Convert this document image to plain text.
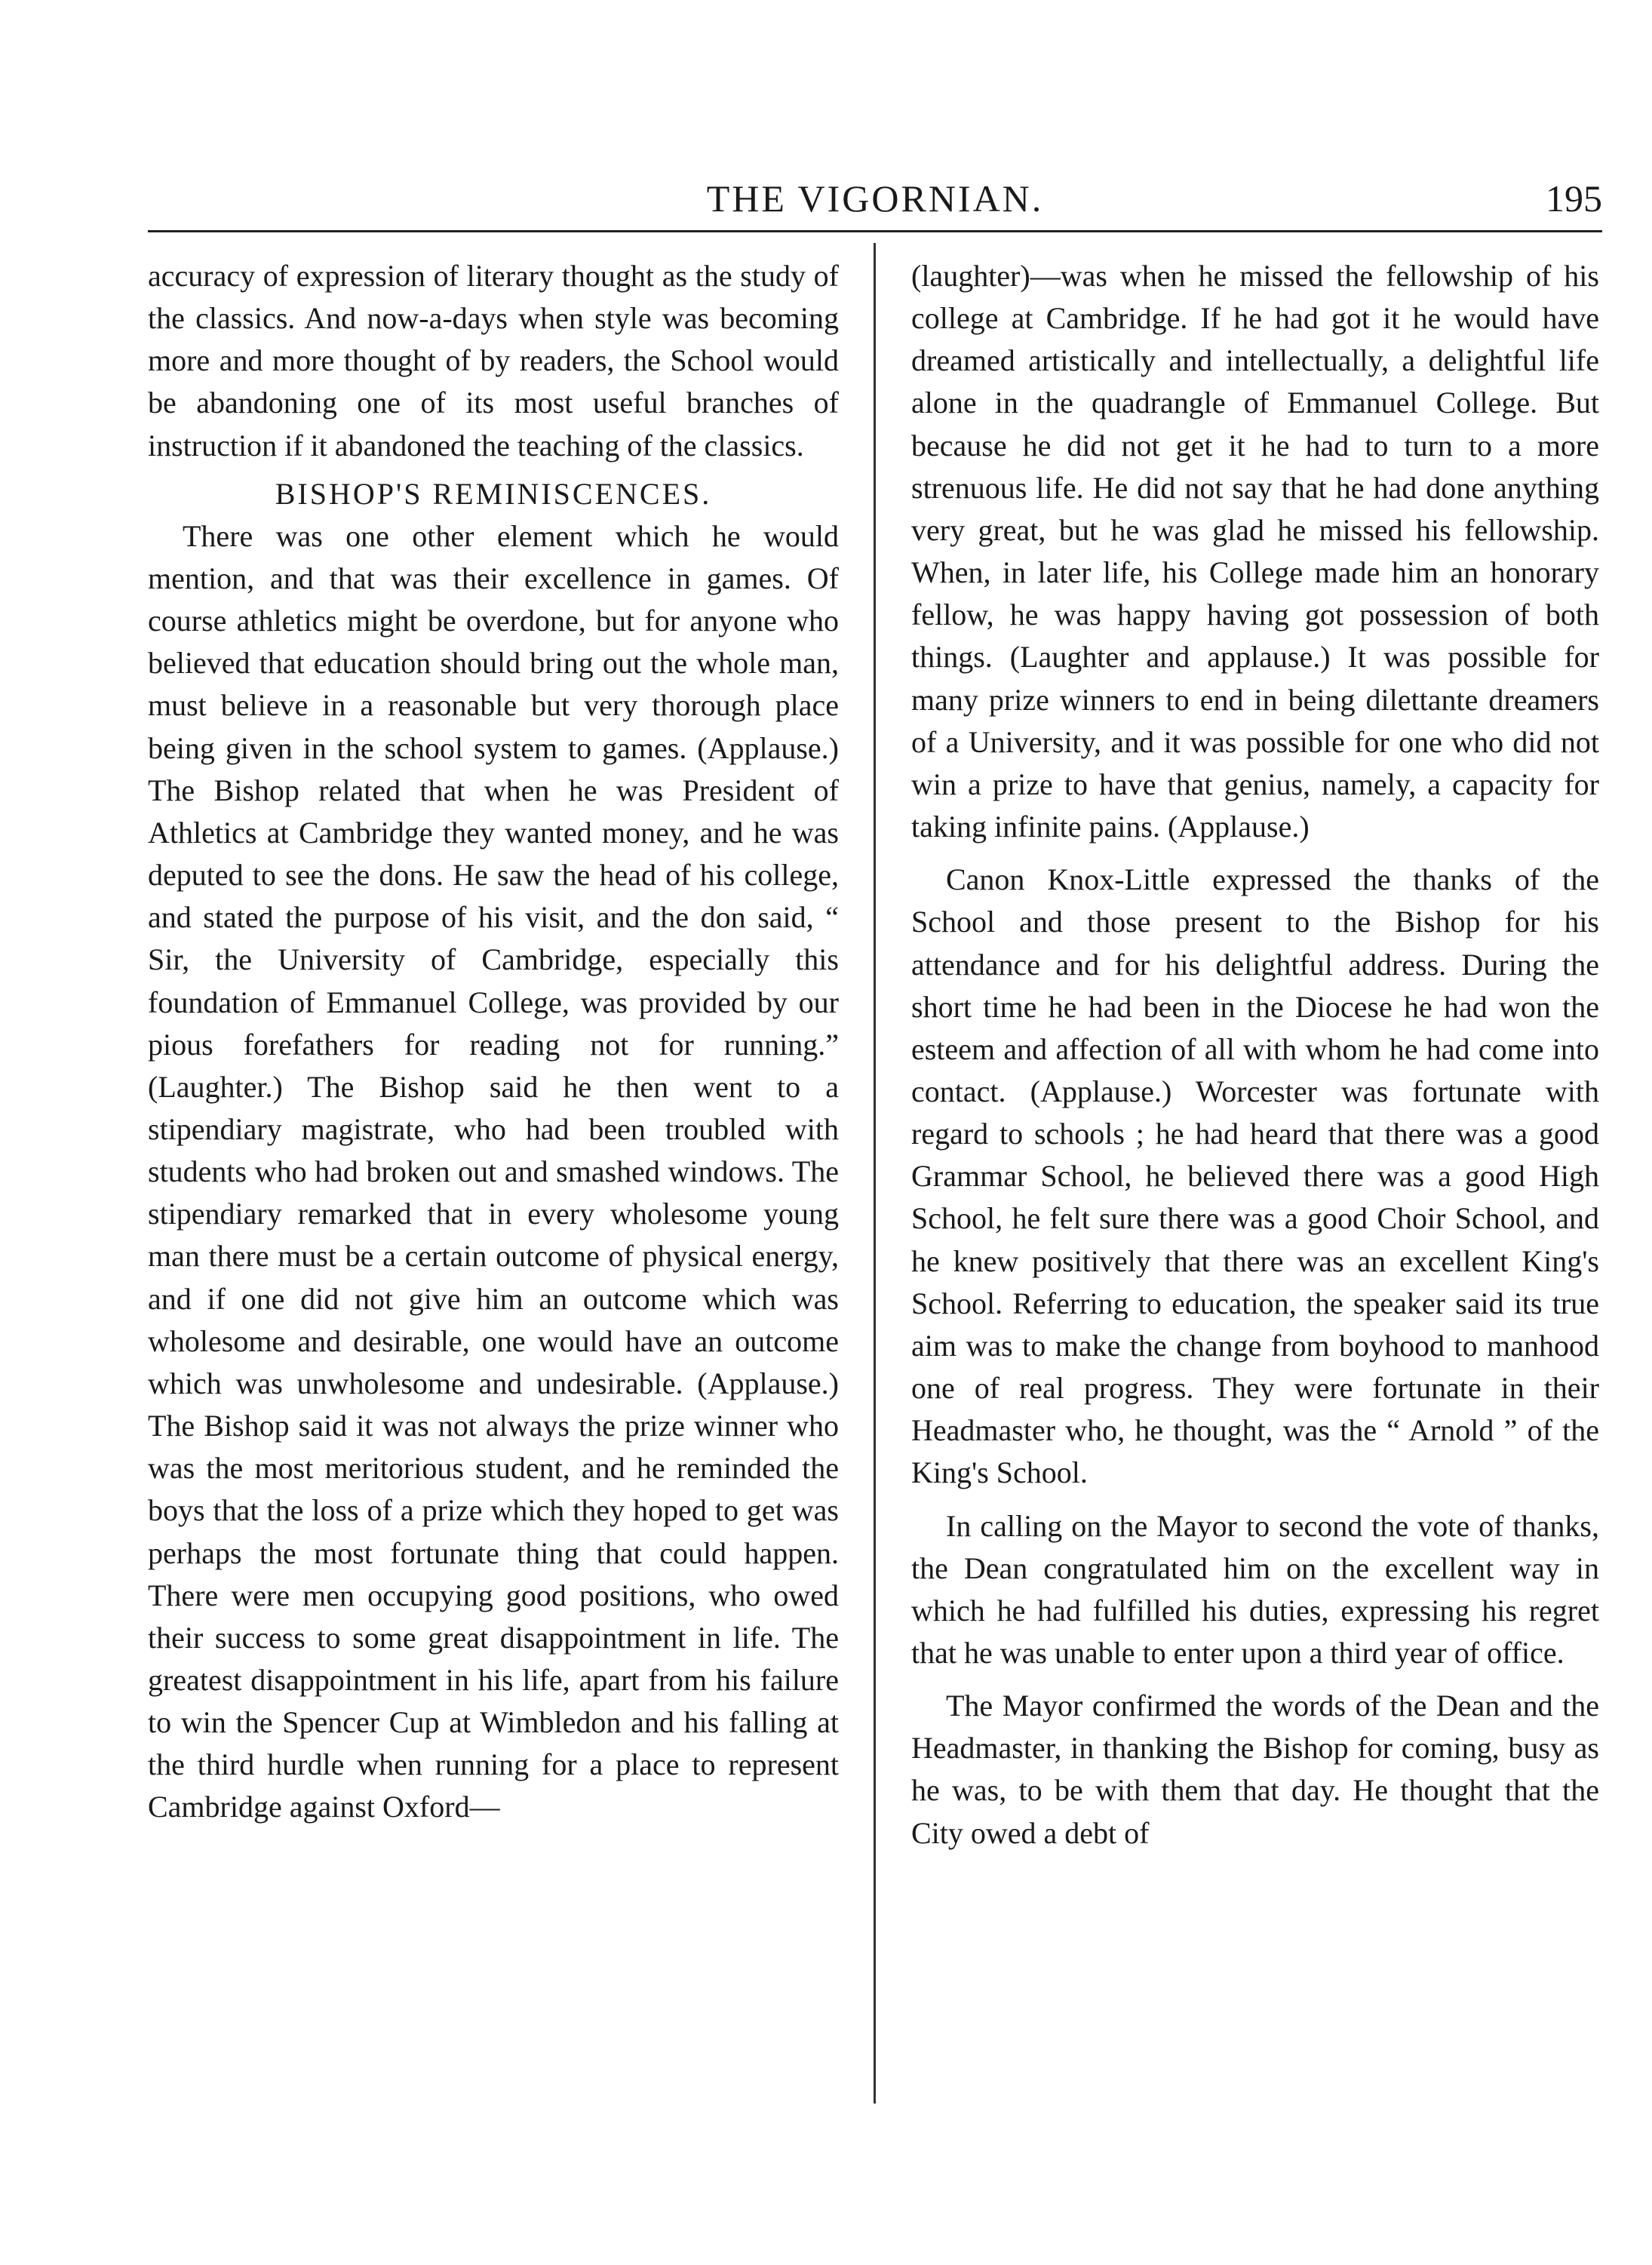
THE VIGORNIAN.	195

accuracy of expression of literary thought as the study of the classics. And now-a-days when style was becoming more and more thought of by readers, the School would be abandoning one of its most useful branches of instruction if it abandoned the teaching of the classics.

BISHOP'S REMINISCENCES.

There was one other element which he would mention, and that was their excellence in games. Of course athletics might be overdone, but for anyone who believed that education should bring out the whole man, must believe in a reasonable but very thorough place being given in the school system to games. (Applause.) The Bishop related that when he was President of Athletics at Cambridge they wanted money, and he was deputed to see the dons. He saw the head of his college, and stated the purpose of his visit, and the don said, “ Sir, the University of Cambridge, especially this foundation of Emmanuel College, was provided by our pious forefathers for reading not for running.” (Laughter.) The Bishop said he then went to a stipendiary magistrate, who had been troubled with students who had broken out and smashed windows. The stipendiary remarked that in every wholesome young man there must be a certain outcome of physical energy, and if one did not give him an outcome which was wholesome and desirable, one would have an outcome which was unwholesome and undesirable. (Applause.) The Bishop said it was not always the prize winner who was the most meritorious student, and he reminded the boys that the loss of a prize which they hoped to get was perhaps the most fortunate thing that could happen. There were men occupying good positions, who owed their success to some great disappointment in life. The greatest disappointment in his life, apart from his failure to win the Spencer Cup at Wimbledon and his falling at the third hurdle when running for a place to represent Cambridge against Oxford—

(laughter)—was when he missed the fellowship of his college at Cambridge. If he had got it he would have dreamed artistically and intellectually, a delightful life alone in the quadrangle of Emmanuel College. But because he did not get it he had to turn to a more strenuous life. He did not say that he had done anything very great, but he was glad he missed his fellowship. When, in later life, his College made him an honorary fellow, he was happy having got possession of both things. (Laughter and applause.) It was possible for many prize winners to end in being dilettante dreamers of a University, and it was possible for one who did not win a prize to have that genius, namely, a capacity for taking infinite pains. (Applause.)

Canon Knox-Little expressed the thanks of the School and those present to the Bishop for his attendance and for his delightful address. During the short time he had been in the Diocese he had won the esteem and affection of all with whom he had come into contact. (Applause.) Worcester was fortunate with regard to schools ; he had heard that there was a good Grammar School, he believed there was a good High School, he felt sure there was a good Choir School, and he knew positively that there was an excellent King's School. Referring to education, the speaker said its true aim was to make the change from boyhood to manhood one of real progress. They were fortunate in their Headmaster who, he thought, was the “ Arnold ” of the King's School.

In calling on the Mayor to second the vote of thanks, the Dean congratulated him on the excellent way in which he had fulfilled his duties, expressing his regret that he was unable to enter upon a third year of office.

The Mayor confirmed the words of the Dean and the Headmaster, in thanking the Bishop for coming, busy as he was, to be with them that day. He thought that the City owed a debt of
